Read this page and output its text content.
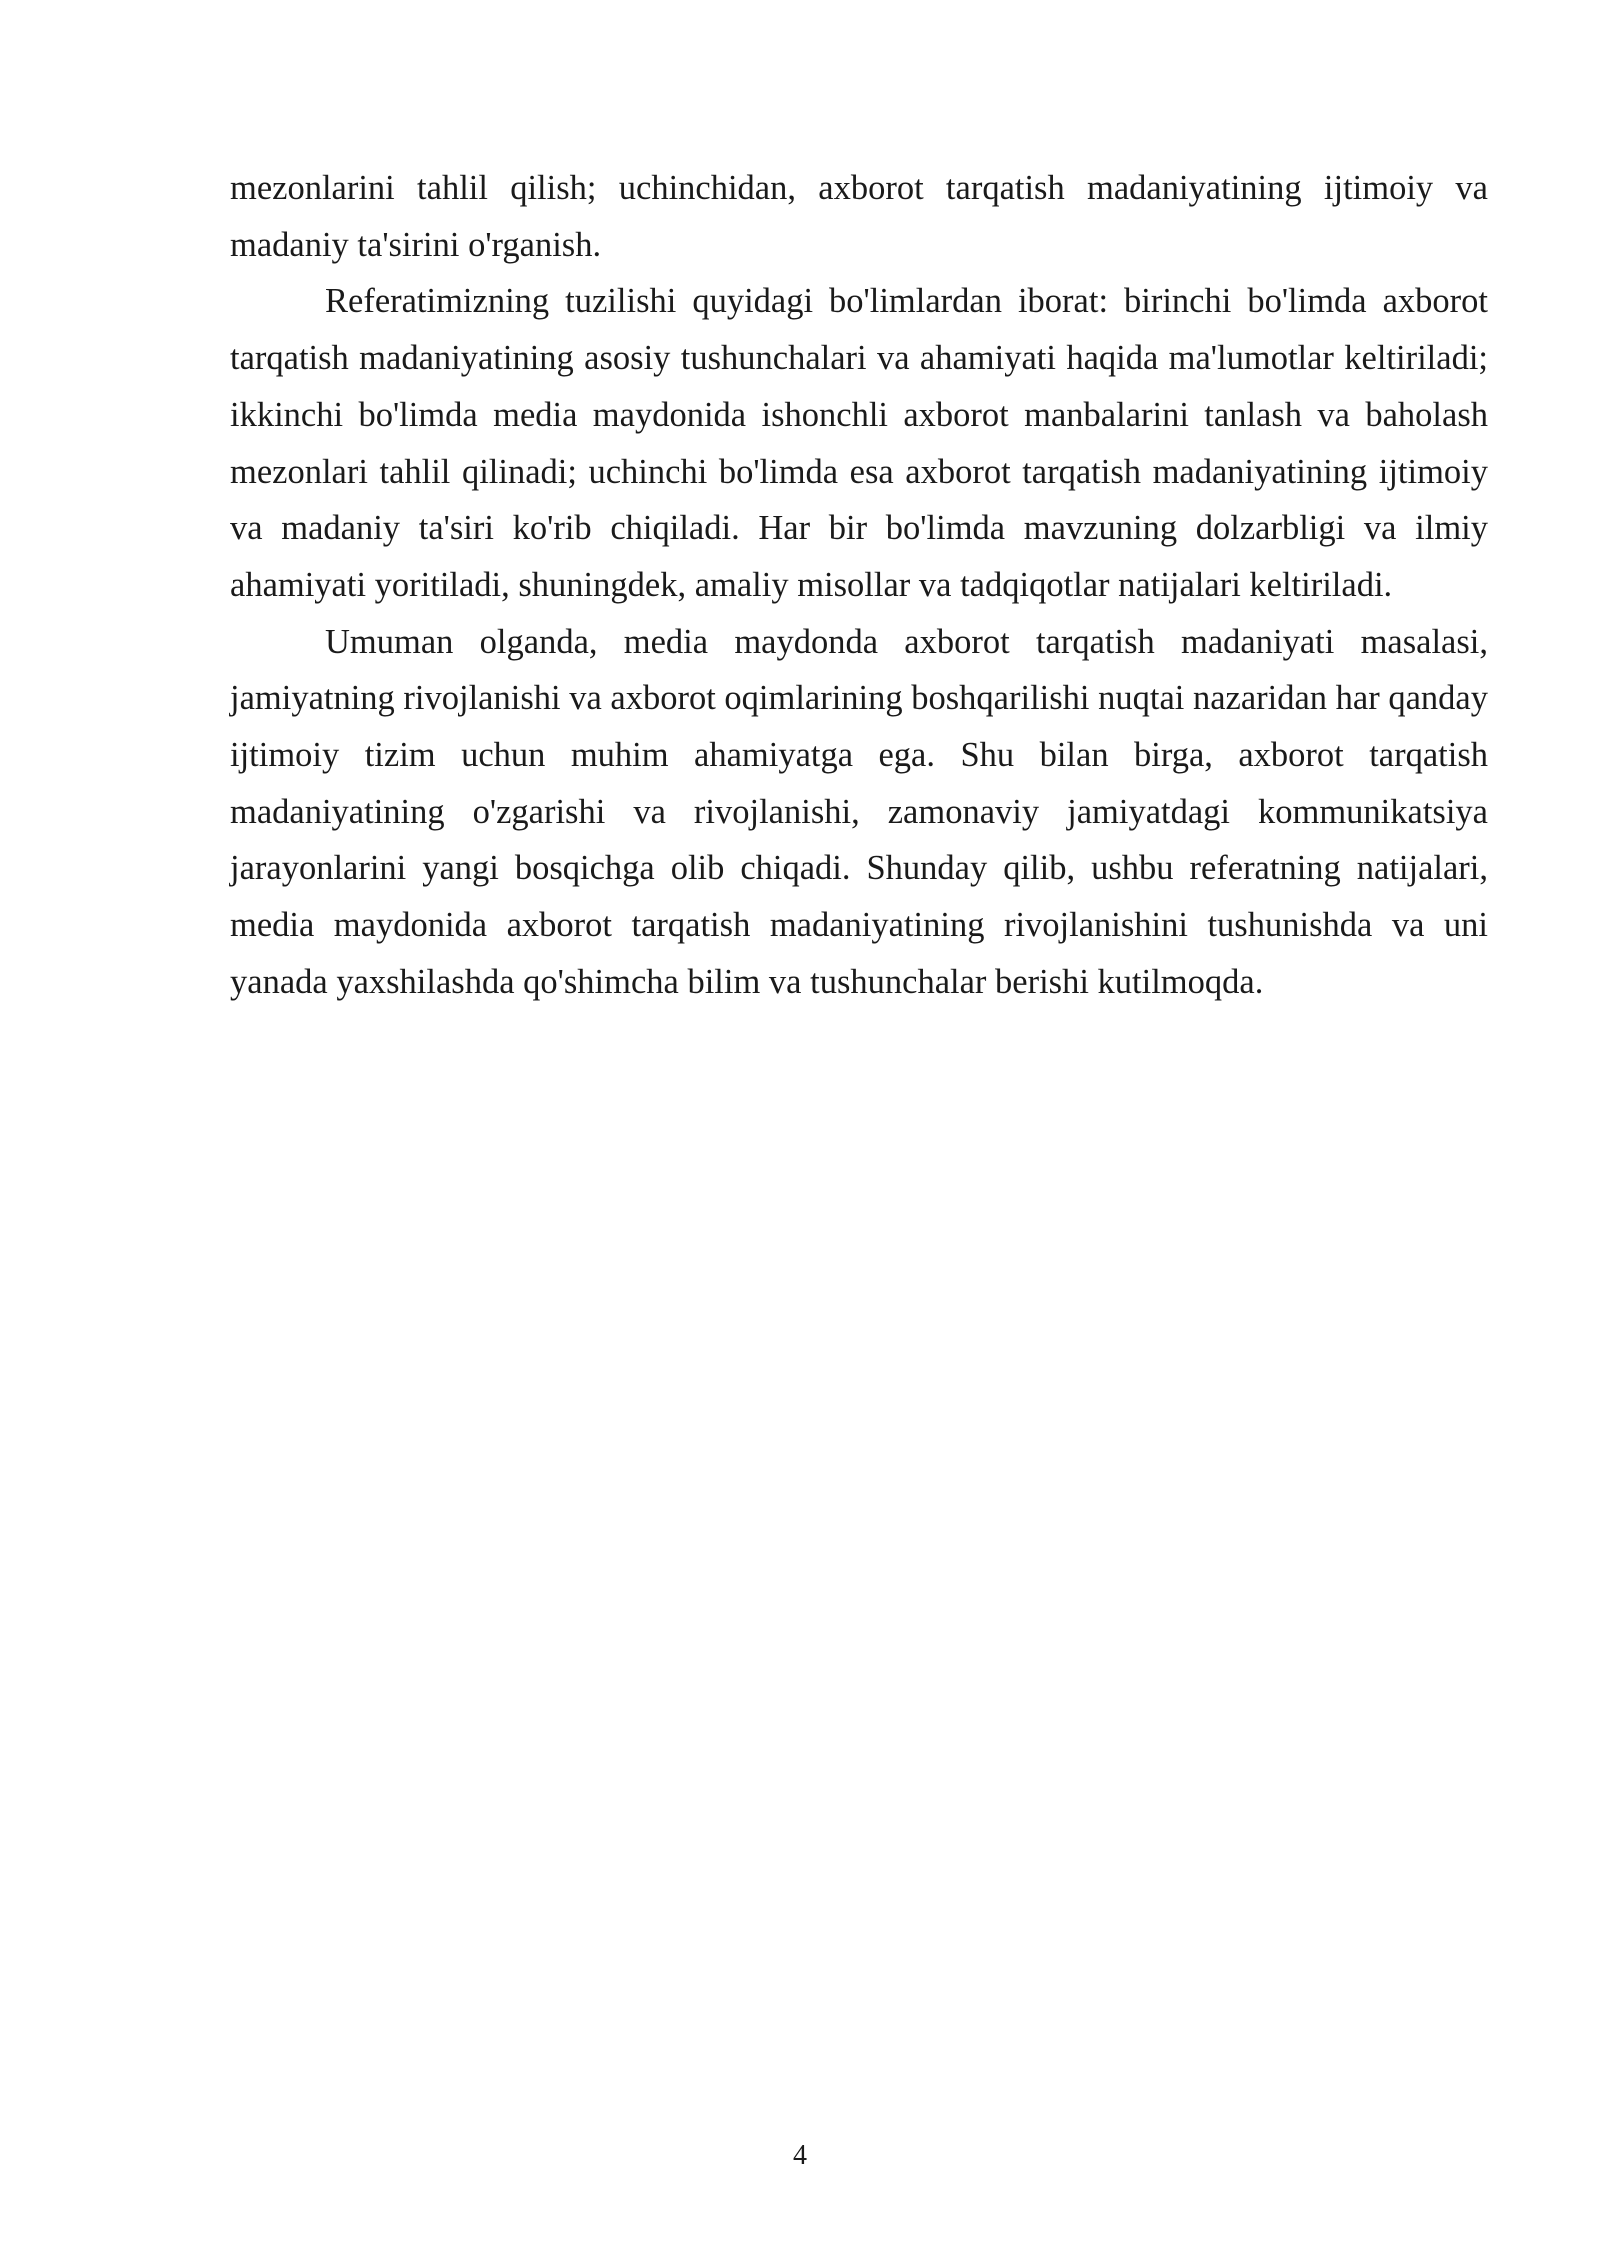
mezonlarini tahlil qilish; uchinchidan, axborot tarqatish madaniyatining ijtimoiy va madaniy ta'sirini o'rganish.

Referatimizning tuzilishi quyidagi bo'limlardan iborat: birinchi bo'limda axborot tarqatish madaniyatining asosiy tushunchalari va ahamiyati haqida ma'lumotlar keltiriladi; ikkinchi bo'limda media maydonida ishonchli axborot manbalarini tanlash va baholash mezonlari tahlil qilinadi; uchinchi bo'limda esa axborot tarqatish madaniyatining ijtimoiy va madaniy ta'siri ko'rib chiqiladi. Har bir bo'limda mavzuning dolzarbligi va ilmiy ahamiyati yoritiladi, shuningdek, amaliy misollar va tadqiqotlar natijalari keltiriladi.

Umuman olganda, media maydonda axborot tarqatish madaniyati masalasi, jamiyatning rivojlanishi va axborot oqimlarining boshqarilishi nuqtai nazaridan har qanday ijtimoiy tizim uchun muhim ahamiyatga ega. Shu bilan birga, axborot tarqatish madaniyatining o'zgarishi va rivojlanishi, zamonaviy jamiyatdagi kommunikatsiya jarayonlarini yangi bosqichga olib chiqadi. Shunday qilib, ushbu referatning natijalari, media maydonida axborot tarqatish madaniyatining rivojlanishini tushunishda va uni yanada yaxshilashda qo'shimcha bilim va tushunchalar berishi kutilmoqda.

4
